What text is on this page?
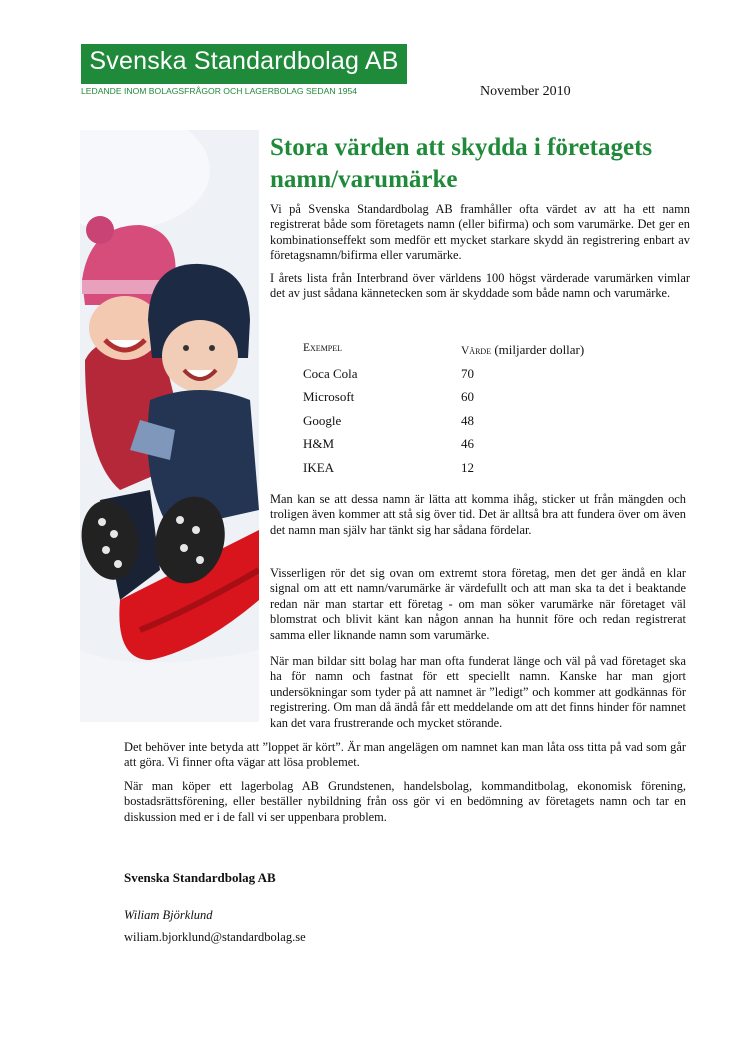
Svenska Standardbolag AB
LEDANDE INOM BOLAGSFRÅGOR OCH LAGERBOLAG SEDAN 1954	November 2010
Stora värden att skydda i företagets namn/varumärke

Vi på Svenska Standardbolag AB framhåller ofta värdet av att ha ett namn registrerat både som företagets namn (eller bifirma) och som varumärke. Det ger en kombinationseffekt som medför ett mycket starkare skydd än registrering enbart av företagsnamn/bifirma eller varumärke.

I årets lista från Interbrand över världens 100 högst värderade varumärken vimlar det av just sådana kännetecken som är skyddade som både namn och varumärke.

Exempel	Värde (miljarder dollar)
Coca Cola	70
Microsoft	60
Google	48
H&M	46
IKEA	12

Man kan se att dessa namn är lätta att komma ihåg, sticker ut från mängden och troligen även kommer att stå sig över tid. Det är alltså bra att fundera över om även det namn man själv har tänkt sig har sådana fördelar.

Visserligen rör det sig ovan om extremt stora företag, men det ger ändå en klar signal om att ett namn/varumärke är värdefullt och att man ska ta det i beaktande redan när man startar ett företag - om man söker varumärke när företaget väl blomstrat och blivit känt kan någon annan ha hunnit före och redan registrerat samma eller liknande namn som varumärke.

När man bildar sitt bolag har man ofta funderat länge och väl på vad företaget ska ha för namn och fastnat för ett speciellt namn. Kanske har man gjort undersökningar som tyder på att namnet är ”ledigt” och kommer att godkännas för registrering. Om man då ändå får ett meddelande om att det finns hinder för namnet kan det vara frustrerande och mycket störande.

Det behöver inte betyda att ”loppet är kört”. Är man angelägen om namnet kan man låta oss titta på vad som går att göra. Vi finner ofta vägar att lösa problemet.

När man köper ett lagerbolag AB Grundstenen, handelsbolag, kommanditbolag, ekonomisk förening, bostadsrättsförening, eller beställer nybildning från oss gör vi en bedömning av företagets namn och tar en diskussion med er i de fall vi ser uppenbara problem.

Svenska Standardbolag AB
Wiliam Björklund
wiliam.bjorklund@standardbolag.se
